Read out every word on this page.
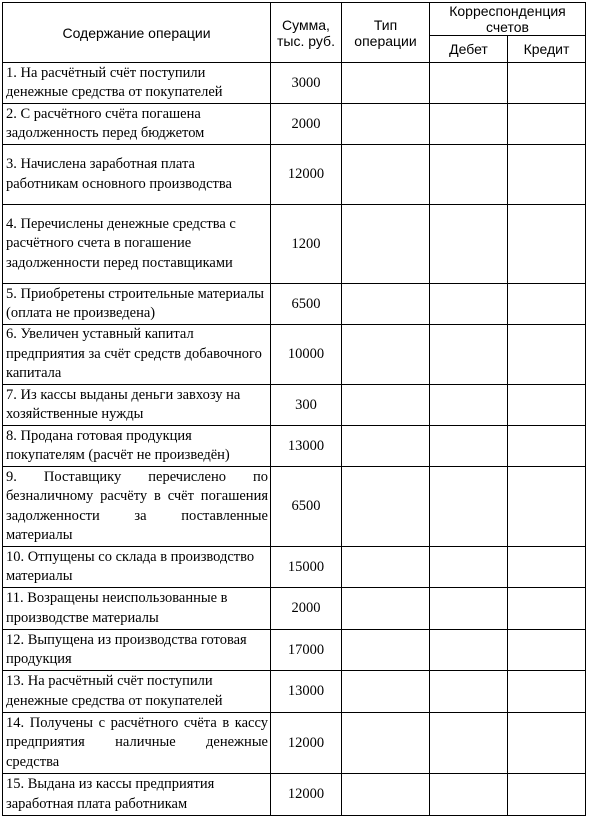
Содержание операции	Сумма, тыс. руб.	Тип операции	Корреспонденция счетов	
			Дебет	Кредит
1. На расчётный счёт поступили денежные средства от покупателей	3000			
2. С расчётного счёта погашена задолженность перед бюджетом	2000			
3. Начислена заработная плата работникам основного производства	12000			
4. Перечислены денежные средства с расчётного счета в погашение задолженности перед поставщиками	1200			
5. Приобретены строительные материалы (оплата не произведена)	6500			
6. Увеличен уставный капитал предприятия за счёт средств добавочного капитала	10000			
7. Из кассы выданы деньги завхозу на хозяйственные нужды	300			
8. Продана готовая продукция покупателям (расчёт не произведён)	13000			
9. Поставщику перечислено по безналичному расчёту в счёт погашения задолженности за поставленные материалы	6500			
10. Отпущены со склада в производство материалы	15000			
11. Возращены неиспользованные в производстве материалы	2000			
12. Выпущена из производства готовая продукция	17000			
13. На расчётный счёт поступили денежные средства от покупателей	13000			
14. Получены с расчётного счёта в кассу предприятия наличные денежные средства	12000			
15. Выдана из кассы предприятия заработная плата работникам	12000			
